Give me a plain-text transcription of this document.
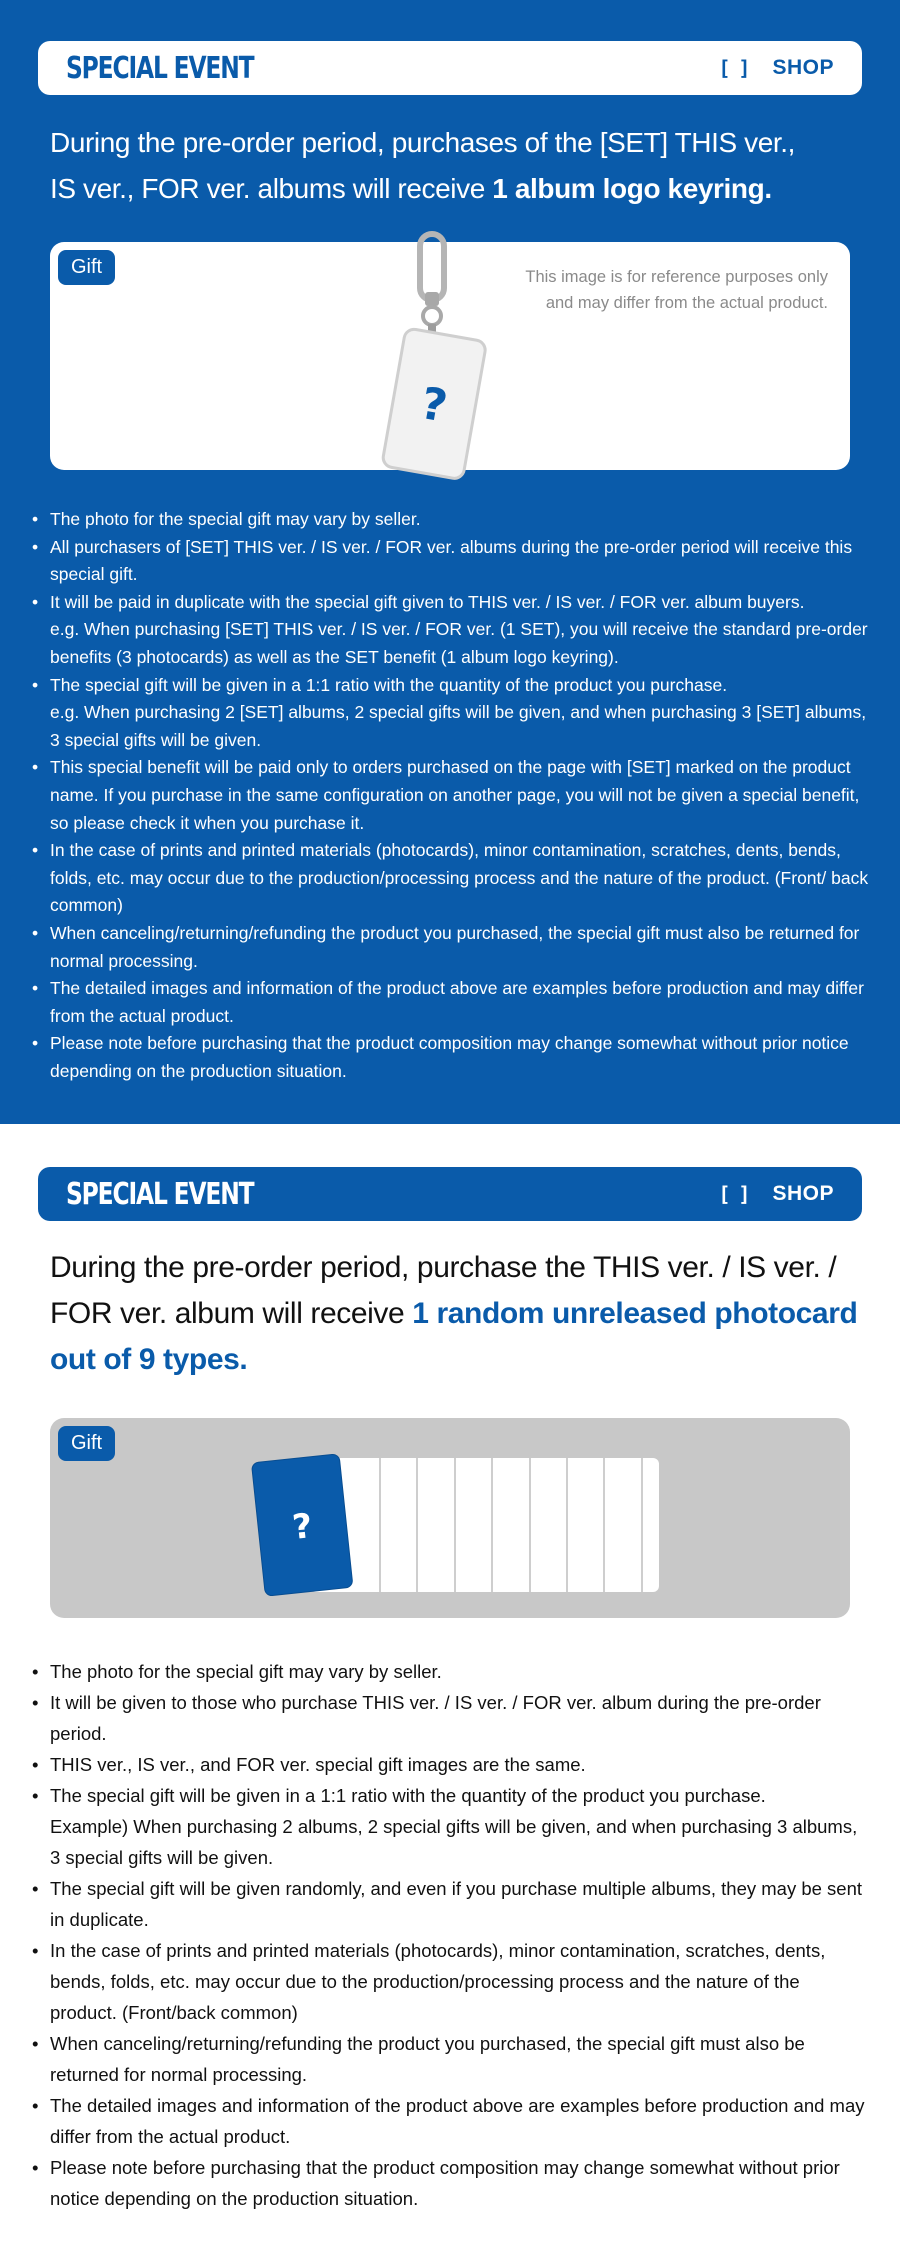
SPECIAL EVENT	[] SHOP
During the pre-order period, purchases of the [SET] THIS ver.,
IS ver., FOR ver. albums will receive 1 album logo keyring.
Gift	This image is for reference purposes only
and may differ from the actual product.
?
• The photo for the special gift may vary by seller.
• All purchasers of [SET] THIS ver. / IS ver. / FOR ver. albums during the pre-order period will receive this special gift.
• It will be paid in duplicate with the special gift given to THIS ver. / IS ver. / FOR ver. album buyers.
e.g. When purchasing [SET] THIS ver. / IS ver. / FOR ver. (1 SET), you will receive the standard pre-order benefits (3 photocards) as well as the SET benefit (1 album logo keyring).
• The special gift will be given in a 1:1 ratio with the quantity of the product you purchase.
e.g. When purchasing 2 [SET] albums, 2 special gifts will be given, and when purchasing 3 [SET] albums, 3 special gifts will be given.
• This special benefit will be paid only to orders purchased on the page with [SET] marked on the product name. If you purchase in the same configuration on another page, you will not be given a special benefit, so please check it when you purchase it.
• In the case of prints and printed materials (photocards), minor contamination, scratches, dents, bends, folds, etc. may occur due to the production/processing process and the nature of the product. (Front/ back common)
• When canceling/returning/refunding the product you purchased, the special gift must also be returned for normal processing.
• The detailed images and information of the product above are examples before production and may differ from the actual product.
• Please note before purchasing that the product composition may change somewhat without prior notice depending on the production situation.
SPECIAL EVENT	[] SHOP
During the pre-order period, purchase the THIS ver. / IS ver. /
FOR ver. album will receive 1 random unreleased photocard
out of 9 types.
Gift
?
• The photo for the special gift may vary by seller.
• It will be given to those who purchase THIS ver. / IS ver. / FOR ver. album during the pre-order period.
• THIS ver., IS ver., and FOR ver. special gift images are the same.
• The special gift will be given in a 1:1 ratio with the quantity of the product you purchase.
Example) When purchasing 2 albums, 2 special gifts will be given, and when purchasing 3 albums, 3 special gifts will be given.
• The special gift will be given randomly, and even if you purchase multiple albums, they may be sent in duplicate.
• In the case of prints and printed materials (photocards), minor contamination, scratches, dents, bends, folds, etc. may occur due to the production/processing process and the nature of the product. (Front/back common)
• When canceling/returning/refunding the product you purchased, the special gift must also be returned for normal processing.
• The detailed images and information of the product above are examples before production and may differ from the actual product.
• Please note before purchasing that the product composition may change somewhat without prior notice depending on the production situation.
